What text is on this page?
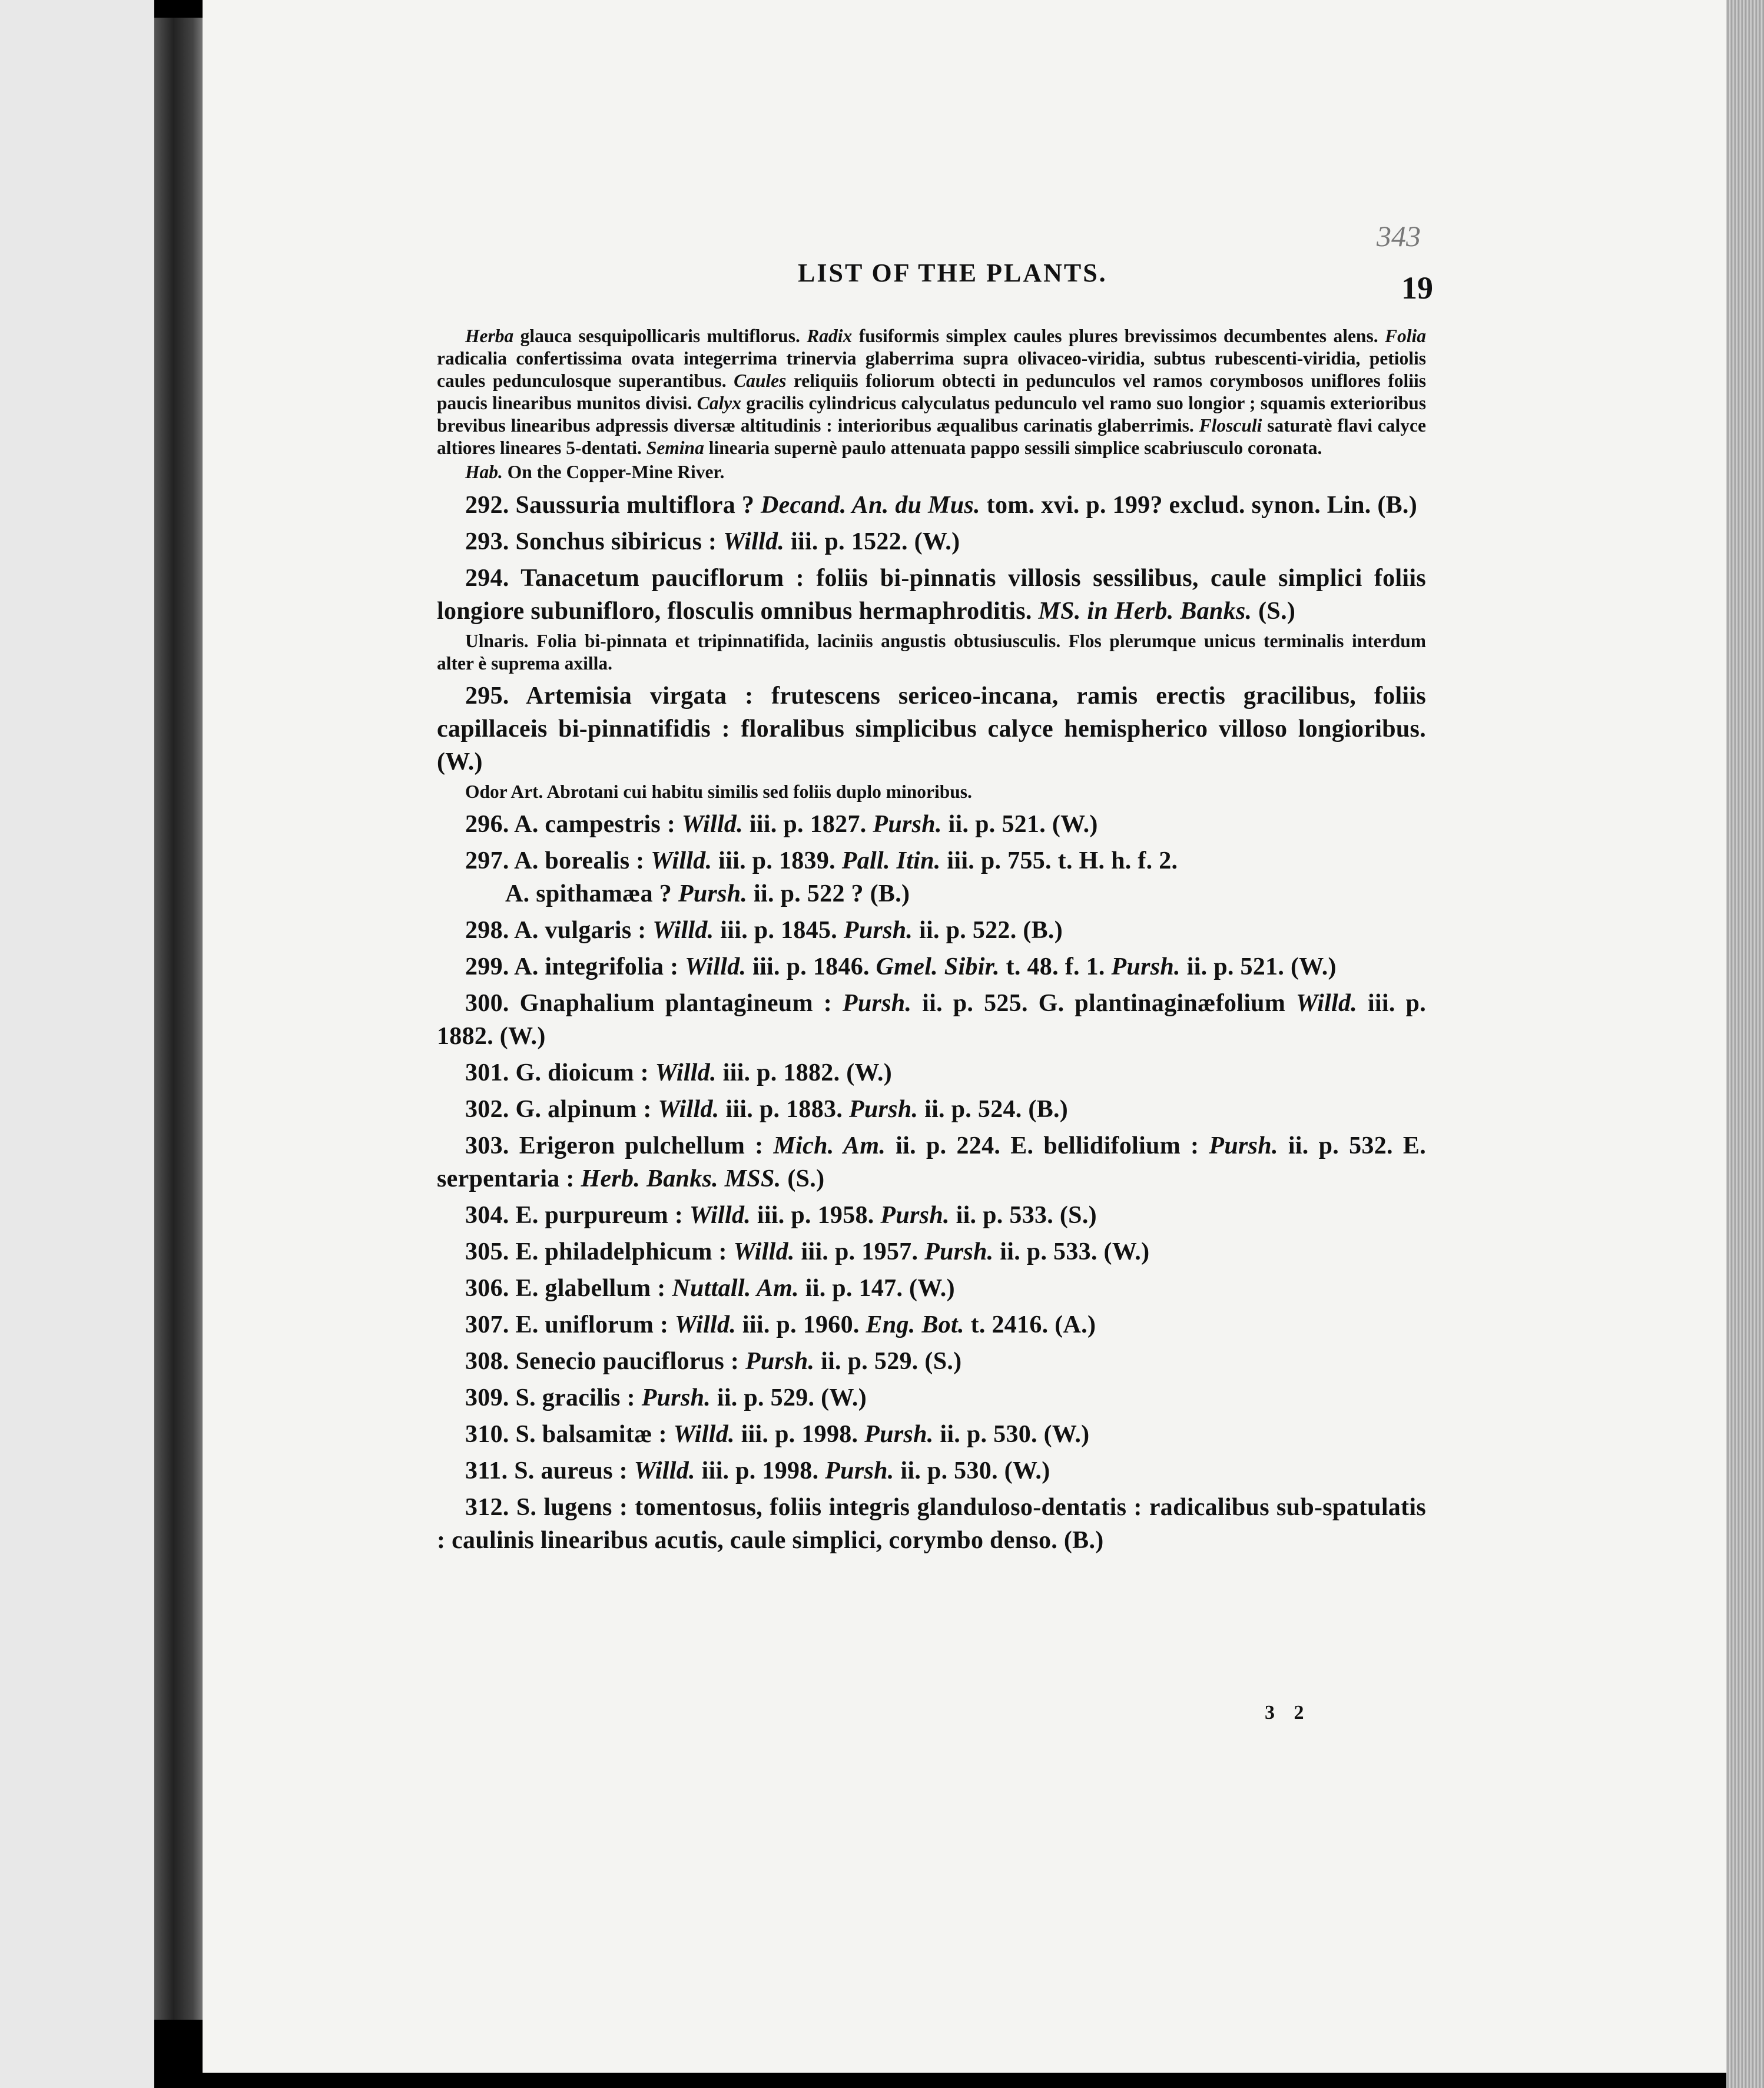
343
LIST OF THE PLANTS.	19

Herba glauca sesquipollicaris multiflorus. Radix fusiformis simplex caules plures brevissimos decumbentes alens. Folia radicalia confertissima ovata integerrima trinervia glaberrima supra olivaceo-viridia, subtus rubescenti-viridia, petiolis caules pedunculosque superantibus. Caules reliquiis foliorum obtecti in pedunculos vel ramos corymbosos uniflores foliis paucis linearibus munitos divisi. Calyx gracilis cylindricus calyculatus pedunculo vel ramo suo longior ; squamis exterioribus brevibus linearibus adpressis diversæ altitudinis : interioribus æqualibus carinatis glaberrimis. Flosculi saturatè flavi calyce altiores lineares 5-dentati. Semina linearia supernè paulo attenuata pappo sessili simplice scabriusculo coronata.

Hab. On the Copper-Mine River.

292. Saussuria multiflora ? Decand. An. du Mus. tom. xvi. p. 199? exclud. synon. Lin. (B.)

293. Sonchus sibiricus : Willd. iii. p. 1522. (W.)

294. Tanacetum pauciflorum : foliis bi-pinnatis villosis sessilibus, caule simplici foliis longiore subunifloro, flosculis omnibus hermaphroditis. MS. in Herb. Banks. (S.)

Ulnaris. Folia bi-pinnata et tripinnatifida, laciniis angustis obtusiusculis. Flos plerumque unicus terminalis interdum alter è suprema axilla.

295. Artemisia virgata : frutescens sericeo-incana, ramis erectis gracilibus, foliis capillaceis bi-pinnatifidis : floralibus simplicibus calyce hemispherico villoso longioribus. (W.)

Odor Art. Abrotani cui habitu similis sed foliis duplo minoribus.

296. A. campestris : Willd. iii. p. 1827. Pursh. ii. p. 521. (W.)

297. A. borealis : Willd. iii. p. 1839. Pall. Itin. iii. p. 755. t. H. h. f. 2.

A. spithamæa ? Pursh. ii. p. 522 ? (B.)

298. A. vulgaris : Willd. iii. p. 1845. Pursh. ii. p. 522. (B.)

299. A. integrifolia : Willd. iii. p. 1846. Gmel. Sibir. t. 48. f. 1. Pursh. ii. p. 521. (W.)

300. Gnaphalium plantagineum : Pursh. ii. p. 525. G. plantinaginæfolium Willd. iii. p. 1882. (W.)

301. G. dioicum : Willd. iii. p. 1882. (W.)

302. G. alpinum : Willd. iii. p. 1883. Pursh. ii. p. 524. (B.)

303. Erigeron pulchellum : Mich. Am. ii. p. 224. E. bellidifolium : Pursh. ii. p. 532. E. serpentaria : Herb. Banks. MSS. (S.)

304. E. purpureum : Willd. iii. p. 1958. Pursh. ii. p. 533. (S.)

305. E. philadelphicum : Willd. iii. p. 1957. Pursh. ii. p. 533. (W.)

306. E. glabellum : Nuttall. Am. ii. p. 147. (W.)

307. E. uniflorum : Willd. iii. p. 1960. Eng. Bot. t. 2416. (A.)

308. Senecio pauciflorus : Pursh. ii. p. 529. (S.)

309. S. gracilis : Pursh. ii. p. 529. (W.)

310. S. balsamitæ : Willd. iii. p. 1998. Pursh. ii. p. 530. (W.)

311. S. aureus : Willd. iii. p. 1998. Pursh. ii. p. 530. (W.)

312. S. lugens : tomentosus, foliis integris glanduloso-dentatis : radicalibus sub-spatulatis : caulinis linearibus acutis, caule simplici, corymbo denso. (B.)

3 2
